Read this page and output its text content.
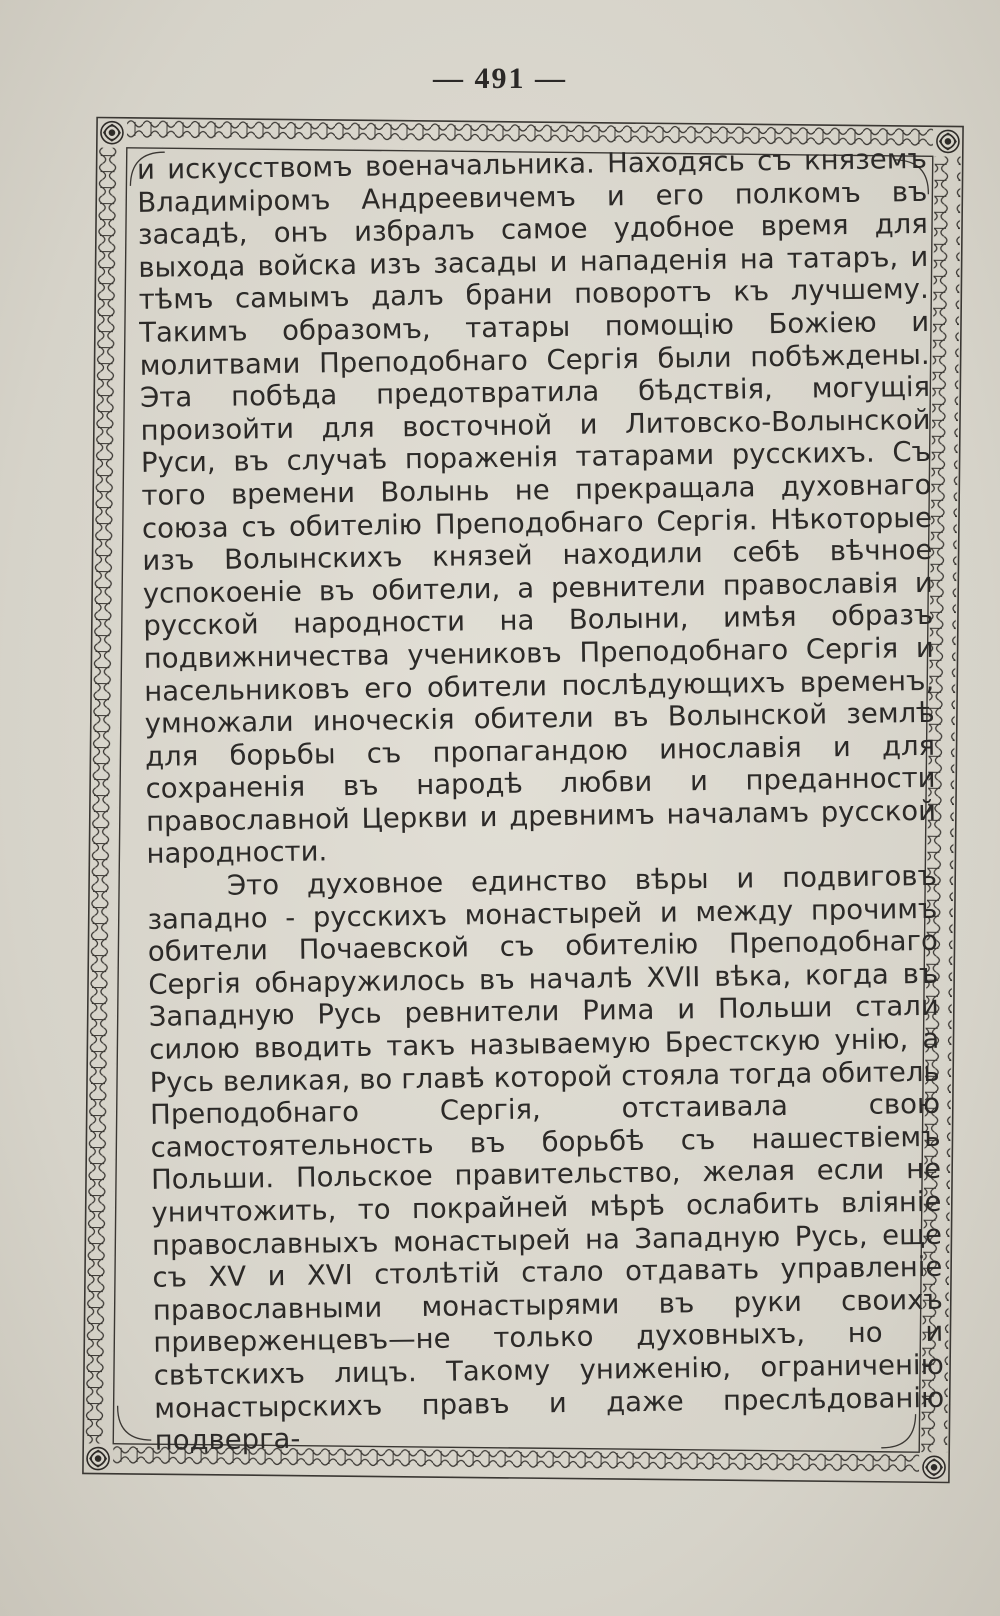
— 491 —

и искусствомъ военачальника. Находясь съ княземъ Владиміромъ Андреевичемъ и его полкомъ въ засадѣ, онъ избралъ самое удобное время для выхода войска изъ засады и нападенія на татаръ, и тѣмъ самымъ далъ брани поворотъ къ лучшему. Такимъ образомъ, татары помощію Божіею и молитвами Преподобнаго Сергія были побѣждены. Эта побѣда предотвратила бѣдствія, могущія произойти для восточной и Литовско-Волынской Руси, въ случаѣ пораженія татарами русскихъ. Съ того времени Волынь не прекращала духовнаго союза съ обителію Преподобнаго Сергія. Нѣкоторые изъ Волынскихъ князей находили себѣ вѣчное успокоеніе въ обители, а ревнители православія и русской народности на Волыни, имѣя образъ подвижничества учениковъ Преподобнаго Сергія и насельниковъ его обители послѣдующихъ временъ, умножали иноческія обители въ Волынской землѣ для борьбы съ пропагандою инославія и для сохраненія въ народѣ любви и преданности православной Церкви и древнимъ началамъ русской народности.

Это духовное единство вѣры и подвиговъ западно - русскихъ монастырей и между прочимъ обители Почаевской съ обителію Преподобнаго Сергія обнаружилось въ началѣ XVII вѣка, когда въ Западную Русь ревнители Рима и Польши стали силою вводить такъ называемую Брестскую унію, а Русь великая, во главѣ которой стояла тогда обитель Преподобнаго Сергія, отстаивала свою самостоятельность въ борьбѣ съ нашествіемъ Польши. Польское правительство, желая если не уничтожить, то покрайней мѣрѣ ослабить вліяніе православныхъ монастырей на Западную Русь, еще съ XV и XVI столѣтій стало отдавать управленіе православными монастырями въ руки своихъ приверженцевъ—не только духовныхъ, но и свѣтскихъ лицъ. Такому униженію, ограниченію монастырскихъ правъ и даже преслѣдованію подверга-
